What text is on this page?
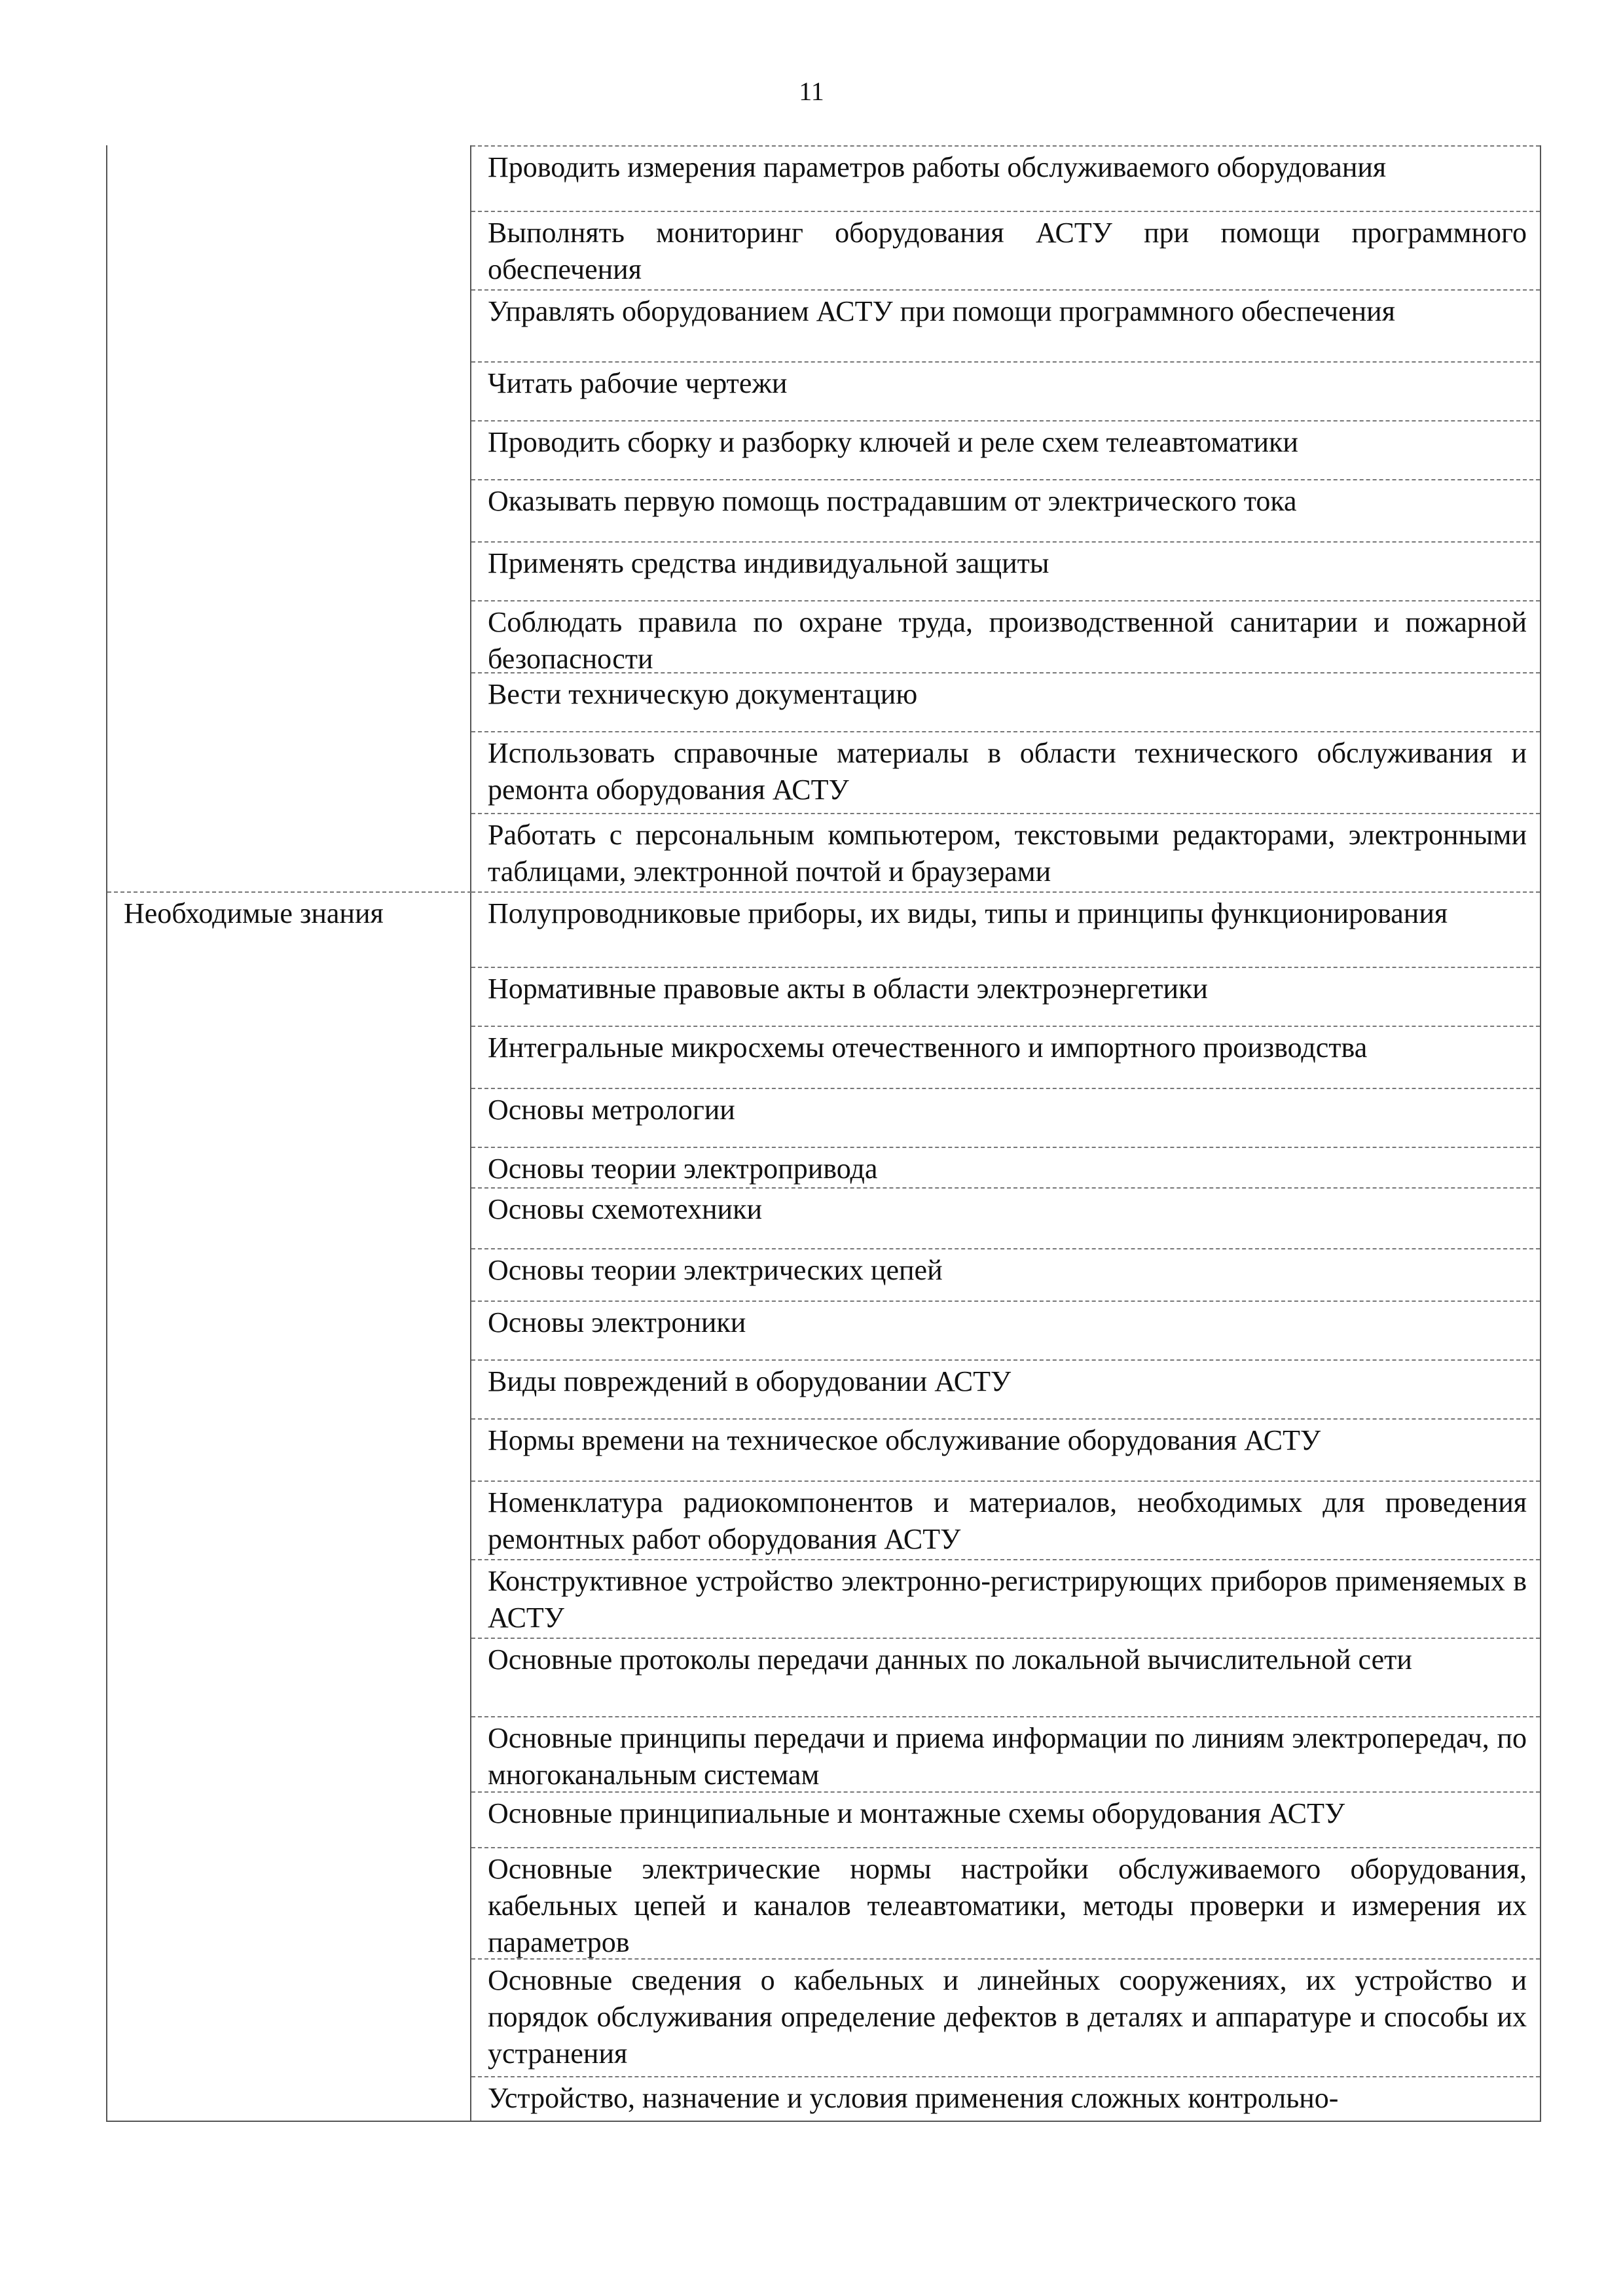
11
Необходимые знания
Проводить измерения параметров работы обслуживаемого оборудования
Выполнять мониторинг оборудования АСТУ при помощи программного обеспечения
Управлять оборудованием АСТУ при помощи программного обеспечения
Читать рабочие чертежи
Проводить сборку и разборку ключей и реле схем телеавтоматики
Оказывать первую помощь пострадавшим от электрического тока
Применять средства индивидуальной защиты
Соблюдать правила по охране труда, производственной санитарии и пожарной безопасности
Вести техническую документацию
Использовать справочные материалы в области технического обслуживания и ремонта оборудования АСТУ
Работать с персональным компьютером, текстовыми редакторами, электронными таблицами, электронной почтой и браузерами
Полупроводниковые приборы, их виды, типы и принципы функционирования
Нормативные правовые акты в области электроэнергетики
Интегральные микросхемы отечественного и импортного производства
Основы метрологии
Основы теории электропривода
Основы схемотехники
Основы теории электрических цепей
Основы электроники
Виды повреждений в оборудовании АСТУ
Нормы времени на техническое обслуживание оборудования АСТУ
Номенклатура радиокомпонентов и материалов, необходимых для проведения ремонтных работ оборудования АСТУ
Конструктивное устройство электронно-регистрирующих приборов применяемых в АСТУ
Основные протоколы передачи данных по локальной вычислительной сети
Основные принципы передачи и приема информации по линиям электропередач, по многоканальным системам
Основные принципиальные и монтажные схемы оборудования АСТУ
Основные электрические нормы настройки обслуживаемого оборудования, кабельных цепей и каналов телеавтоматики, методы проверки и измерения их параметров
Основные сведения о кабельных и линейных сооружениях, их устройство и порядок обслуживания определение дефектов в деталях и аппаратуре и способы их устранения
Устройство, назначение и условия применения сложных контрольно-
